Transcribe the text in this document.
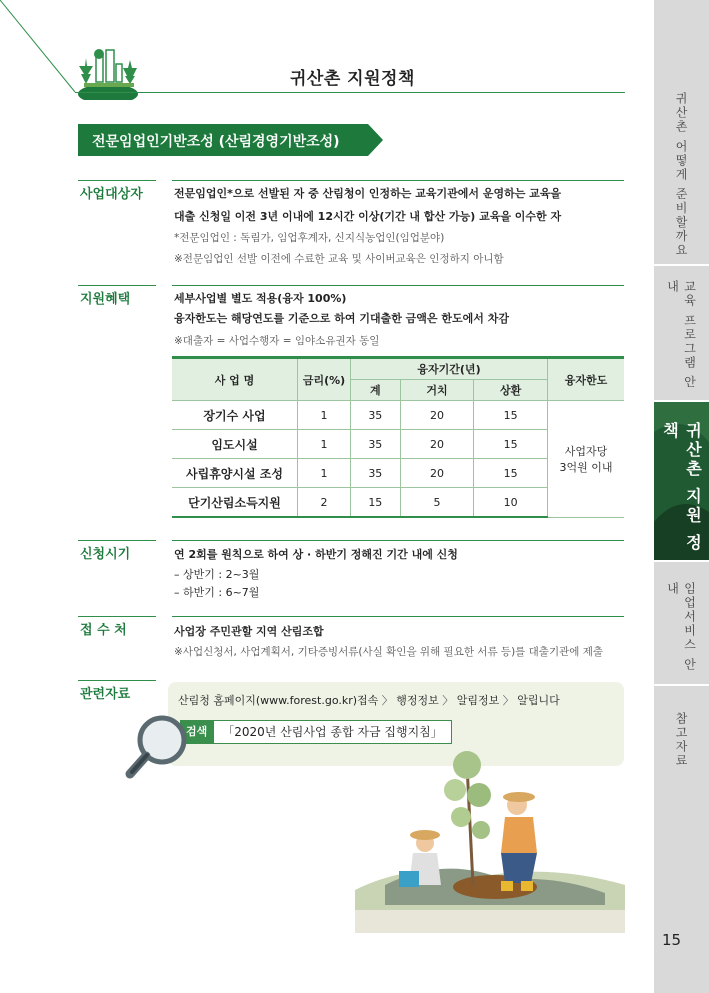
귀산촌 지원정책
귀산촌 어떻게 준비할까요
교육 프로그램 안내
귀산촌 지원 정책
임업서비스 안내
참고자료
15
전문임업인기반조성 (산림경영기반조성)
사업대상자	전문임업인*으로 선발된 자 중 산림청이 인정하는 교육기관에서 운영하는 교육을
대출 신청일 이전 3년 이내에 12시간 이상(기간 내 합산 가능) 교육을 이수한 자
*전문임업인 : 독림가, 임업후계자, 신지식농업인(임업분야)
※전문임업인 선발 이전에 수료한 교육 및 사이버교육은 인정하지 아니함
지원혜택	세부사업별 별도 적용(융자 100%)
융자한도는 해당연도를 기준으로 하여 기대출한 금액은 한도에서 차감
※대출자 = 사업수행자 = 임야소유권자 동일
사 업 명	금리(%)	융자기간(년)			융자한도
		계	거치	상환	
장기수 사업	1	35	20	15	사업자당
3억원 이내

임도시설	1	35	20	15	
사립휴양시설 조성	1	35	20	15	
단기산림소득지원	2	15	5	10	
신청시기	연 2회를 원칙으로 하여 상 · 하반기 정해진 기간 내에 신청
– 상반기 : 2~3월
– 하반기 : 6~7월
접 수 처	사업장 주민관할 지역 산림조합
※사업신청서, 사업계획서, 기타증빙서류(사실 확인을 위해 필요한 서류 등)를 대출기관에 제출
관련자료	산림청 홈페이지(www.forest.go.kr)접속 〉 행정정보 〉 알림정보 〉 알립니다
검색	「2020년 산림사업 종합 자금 집행지침」
